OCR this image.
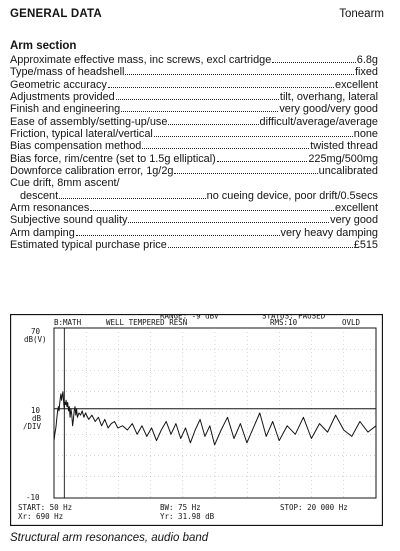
GENERAL DATA	Tonearm
Arm section
Approximate effective mass, inc screws, excl cartridge	6.8g
Type/mass of headshell	fixed
Geometric accuracy	excellent
Adjustments provided	tilt, overhang, lateral
Finish and engineering	very good/very good
Ease of assembly/setting-up/use	difficult/average/average
Friction, typical lateral/vertical	none
Bias compensation method	twisted thread
Bias force, rim/centre (set to 1.5g elliptical)	225mg/500mg
Downforce calibration error, 1g/2g	uncalibrated
Cue drift, 8mm ascent/
descent	no cueing device, poor drift/0.5secs
Arm resonances	excellent
Subjective sound quality	very good
Arm damping	very heavy damping
Estimated typical purchase price	£515
B:MATH	WELL TEMPERED RESN
RANGE: -9 dBV	STATUS: PAUSED
RMS:10	OVLD
70
dB(V)
10
dB
/DIV
-10
START: 50 Hz	BW: 75 Hz	STOP: 20 000 Hz
Xr: 690 Hz	Yr: 31.98 dB
Structural arm resonances, audio band
